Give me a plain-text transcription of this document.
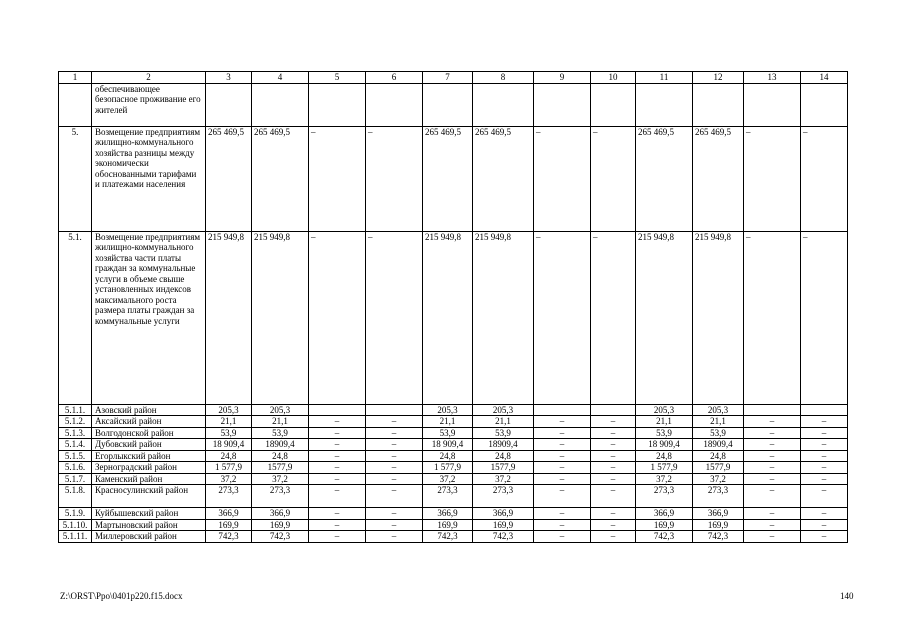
1	2	3	4	5	6	7	8	9	10	11	12	13	14
	обеспечивающее безопасное проживание его жителей												
5.	Возмещение предприятиям жилищно-коммунального хозяйства разницы между экономически обоснованными тарифами и платежами населения	265 469,5	265 469,5	–	–	265 469,5	265 469,5	–	–	265 469,5	265 469,5	–	–
5.1.	Возмещение предприятиям жилищно-коммунального хозяйства части платы граждан за коммунальные услуги в объеме свыше установленных индексов максимального роста размера платы граждан за коммунальные услуги	215 949,8	215 949,8	–	–	215 949,8	215 949,8	–	–	215 949,8	215 949,8	–	–
5.1.1.	Азовский район	205,3	205,3			205,3	205,3			205,3	205,3		
5.1.2.	Аксайский район	21,1	21,1	–	–	21,1	21,1	–	–	21,1	21,1	–	–
5.1.3.	Волгодонской район	53,9	53,9	–	–	53,9	53,9	–	–	53,9	53,9	–	–
5.1.4.	Дубовский район	18 909,4	18909,4	–	–	18 909,4	18909,4	–	–	18 909,4	18909,4	–	–
5.1.5.	Егорлыкский район	24,8	24,8	–	–	24,8	24,8	–	–	24,8	24,8	–	–
5.1.6.	Зерноградский район	1 577,9	1577,9	–	–	1 577,9	1577,9	–	–	1 577,9	1577,9	–	–
5.1.7.	Каменский район	37,2	37,2	–	–	37,2	37,2	–	–	37,2	37,2	–	–
5.1.8.	Красносулинский район	273,3	273,3	–	–	273,3	273,3	–	–	273,3	273,3	–	–
5.1.9.	Куйбышевский район	366,9	366,9	–	–	366,9	366,9	–	–	366,9	366,9	–	–
5.1.10.	Мартыновский район	169,9	169,9	–	–	169,9	169,9	–	–	169,9	169,9	–	–
5.1.11.	Миллеровский район	742,3	742,3	–	–	742,3	742,3	–	–	742,3	742,3	–	–
Z:\ORST\Ppo\0401p220.f15.docx	140
